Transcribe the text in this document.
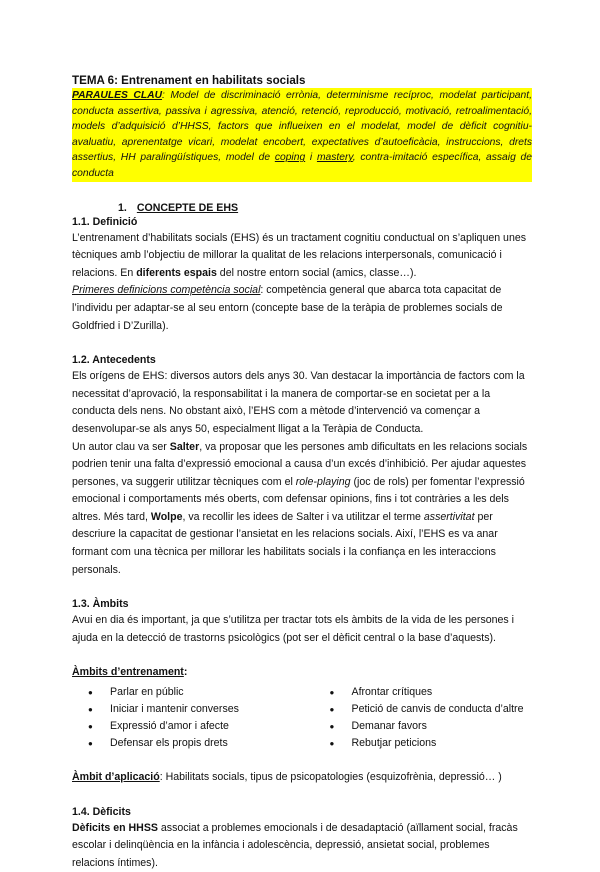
TEMA 6: Entrenament en habilitats socials

PARAULES CLAU: Model de discriminació errònia, determinisme recíproc, modelat participant, conducta assertiva, passiva i agressiva, atenció, retenció, reproducció, motivació, retroalimentació, models d’adquisició d’HHSS, factors que influeixen en el modelat, model de dèficit cognitiu-avaluatiu, aprenentatge vicari, modelat encobert, expectatives d’autoeficàcia, instruccions, drets assertius, HH paralingüístiques, model de coping i mastery, contra-imitació específica, assaig de conducta

1. CONCEPTE DE EHS
1.1. Definició

L’entrenament d’habilitats socials (EHS) és un tractament cognitiu conductual on s’apliquen unes tècniques amb l’objectiu de millorar la qualitat de les relacions interpersonals, comunicació i relacions. En diferents espais del nostre entorn social (amics, classe…).

Primeres definicions competència social: competència general que abarca tota capacitat de l’individu per adaptar-se al seu entorn (concepte base de la teràpia de problemes socials de Goldfried i D’Zurilla).

1.2. Antecedents

Els orígens de EHS: diversos autors dels anys 30. Van destacar la importància de factors com la necessitat d’aprovació, la responsabilitat i la manera de comportar-se en societat per a la conducta dels nens. No obstant això, l’EHS com a mètode d’intervenció va començar a desenvolupar-se als anys 50, especialment lligat a la Teràpia de Conducta.

Un autor clau va ser Salter, va proposar que les persones amb dificultats en les relacions socials podrien tenir una falta d’expressió emocional a causa d’un excés d’inhibició. Per ajudar aquestes persones, va suggerir utilitzar tècniques com el role-playing (joc de rols) per fomentar l’expressió emocional i comportaments més oberts, com defensar opinions, fins i tot contràries a les dels altres. Més tard, Wolpe, va recollir les idees de Salter i va utilitzar el terme assertivitat per descriure la capacitat de gestionar l’ansietat en les relacions socials. Així, l’EHS es va anar formant com una tècnica per millorar les habilitats socials i la confiança en les interaccions personals.

1.3. Àmbits

Avui en dia és important, ja que s’utilitza per tractar tots els àmbits de la vida de les persones i ajuda en la detecció de trastorns psicològics (pot ser el dèficit central o la base d’aquests).

Àmbits d’entrenament:

● Parlar en públic
● Iniciar i mantenir converses
● Expressió d’amor i afecte
● Defensar els propis drets
● Afrontar crítiques
● Petició de canvis de conducta d’altre
● Demanar favors
● Rebutjar peticions

Àmbit d’aplicació: Habilitats socials, tipus de psicopatologies (esquizofrènia, depressió… )

1.4. Dèficits

Dèficits en HHSS associat a problemes emocionals i de desadaptació (aïllament social, fracàs escolar i delinqüència en la infància i adolescència, depressió, ansietat social, problemes relacions íntimes).
